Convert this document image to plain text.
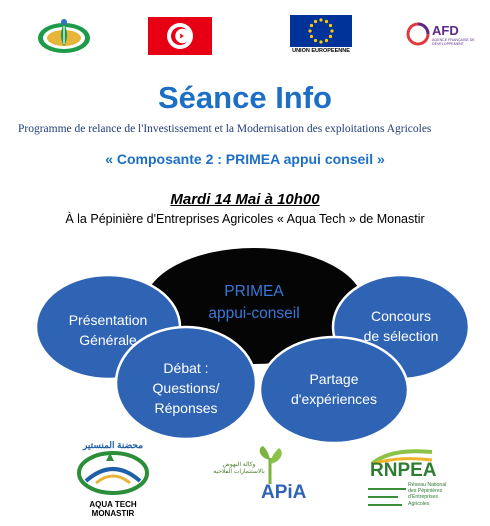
UNION EUROPEENNE
AFD
AGENCE FRANÇAISE DE DÉVELOPPEMENT
Séance Info
Programme de relance de l'Investissement et la Modernisation des exploitations Agricoles
« Composante 2 : PRIMEA appui conseil »
Mardi 14 Mai à 10h00
À la Pépinière d'Entreprises Agricoles « Aqua Tech » de Monastir
PRIMEA
appui-conseil
Présentation
Générale
Concours
de sélection
Débat :
Questions/
Réponses
Partage
d'expériences
محضنة المنستير
AQUA TECH
MONASTIR
وكالة النهوض بالاستثمارات الفلاحية
APiA
RNPEA
Réseau National
des Pépinières
d'Entreprises
Agricoles
